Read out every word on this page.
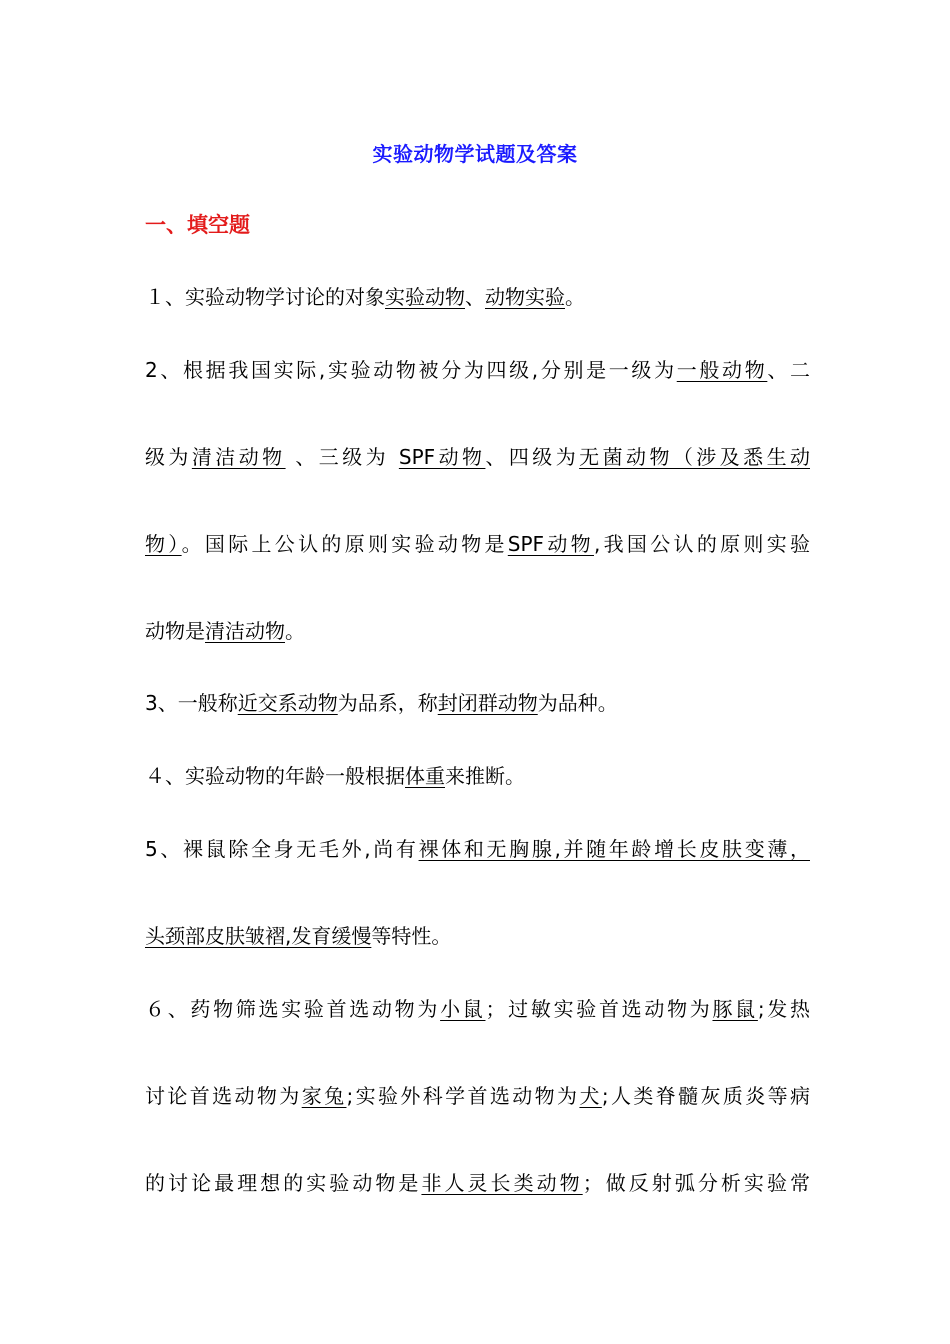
实验动物学试题及答案
一、填空题
１、实验动物学讨论的对象实验动物、动物实验。
2、根据我国实际,实验动物被分为四级,分别是一级为一般动物、二
级为清洁动物 、三级为 SPF动物、四级为无菌动物（涉及悉生动
物）。国际上公认的原则实验动物是SPF动物,我国公认的原则实验
动物是清洁动物。
3、一般称近交系动物为品系，称封闭群动物为品种。
４、实验动物的年龄一般根据体重来推断。
5、裸鼠除全身无毛外,尚有裸体和无胸腺,并随年龄增长皮肤变薄，
头颈部皮肤皱褶,发育缓慢等特性。
６、药物筛选实验首选动物为小鼠；过敏实验首选动物为豚鼠;发热
讨论首选动物为家兔;实验外科学首选动物为犬;人类脊髓灰质炎等病
的讨论最理想的实验动物是非人灵长类动物；做反射弧分析实验常
